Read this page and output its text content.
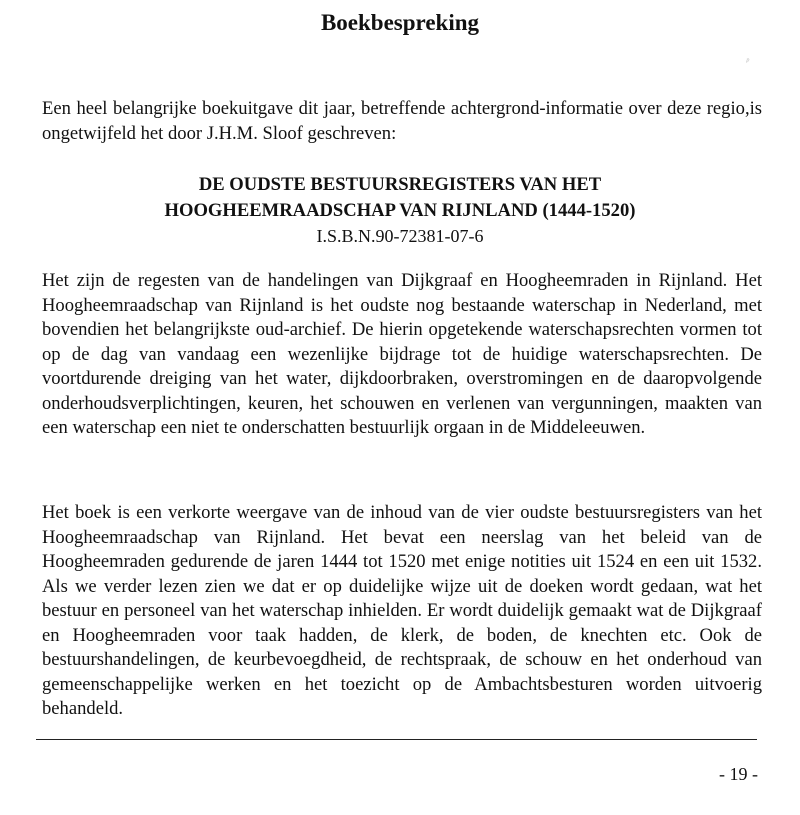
Boekbespreking
ᵖ
Een heel belangrijke boekuitgave dit jaar, betreffende achtergrond-informatie over deze regio,is ongetwijfeld het door J.H.M. Sloof geschreven:
DE OUDSTE BESTUURSREGISTERS VAN HET
HOOGHEEMRAADSCHAP VAN RIJNLAND (1444-1520)
I.S.B.N.90-72381-07-6
Het zijn de regesten van de handelingen van Dijkgraaf en Hoogheemraden in Rijnland. Het Hoogheemraadschap van Rijnland is het oudste nog bestaande waterschap in Nederland, met bovendien het belangrijkste oud-archief. De hierin opgetekende waterschapsrechten vormen tot op de dag van vandaag een wezenlijke bijdrage tot de huidige waterschapsrechten. De voortdurende dreiging van het water, dijkdoorbraken, overstromingen en de daaropvolgende onderhoudsverplichtingen, keuren, het schouwen en verlenen van vergunningen, maakten van een waterschap een niet te onderschatten bestuurlijk orgaan in de Middeleeuwen.
Het boek is een verkorte weergave van de inhoud van de vier oudste bestuursregisters van het Hoogheemraadschap van Rijnland. Het bevat een neerslag van het beleid van de Hoogheemraden gedurende de jaren 1444 tot 1520 met enige notities uit 1524 en een uit 1532. Als we verder lezen zien we dat er op duidelijke wijze uit de doeken wordt gedaan, wat het bestuur en personeel van het waterschap inhielden. Er wordt duidelijk gemaakt wat de Dijkgraaf en Hoogheemraden voor taak hadden, de klerk, de boden, de knechten etc. Ook de bestuurshandelingen, de keurbevoegdheid, de rechtspraak, de schouw en het onderhoud van gemeenschappelijke werken en het toezicht op de Ambachtsbesturen worden uitvoerig behandeld.
- 19 -
